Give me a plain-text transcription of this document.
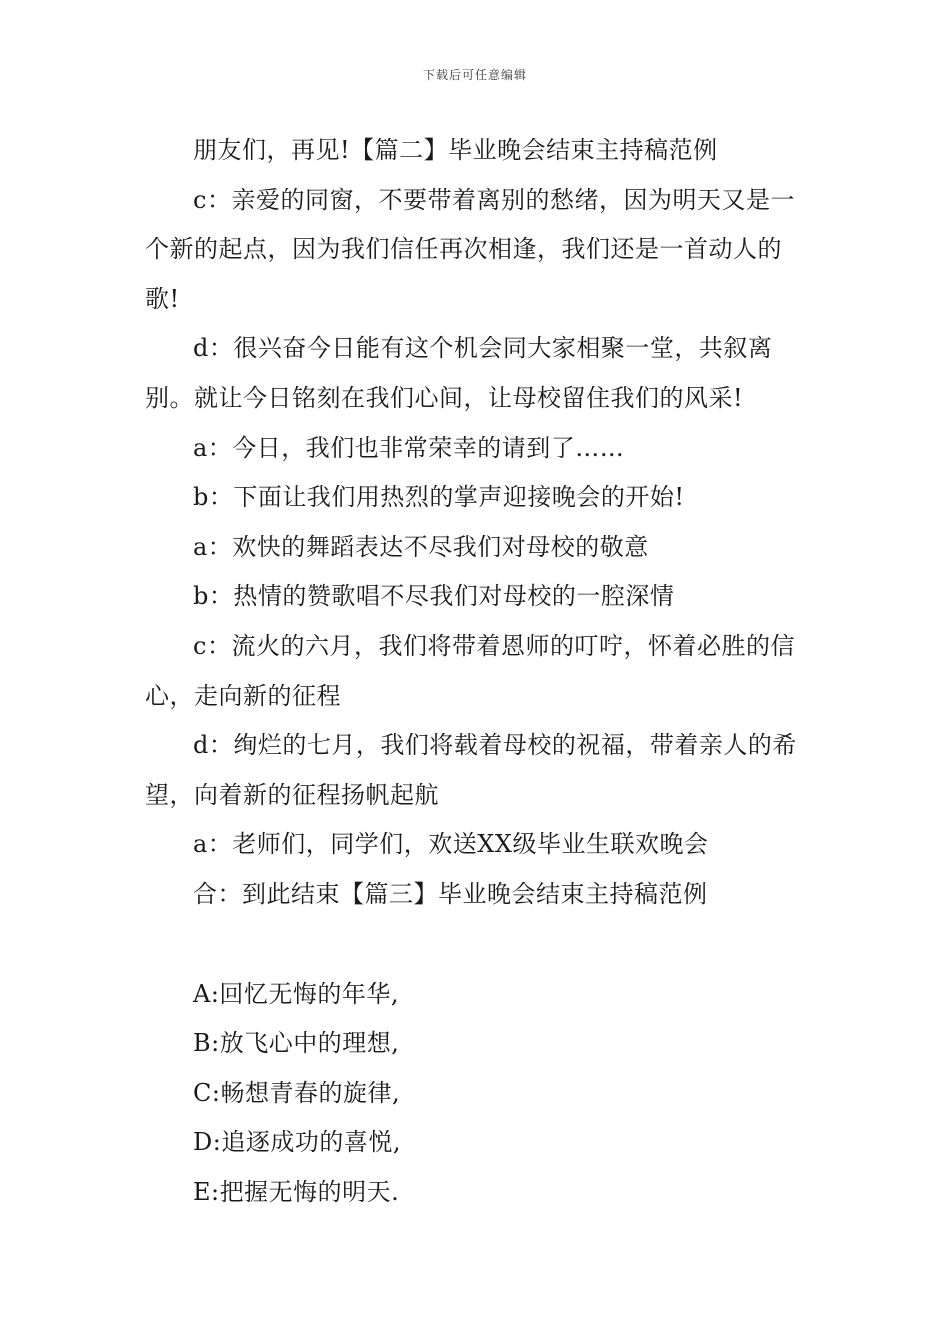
下载后可任意编辑

朋友们，再见!【篇二】毕业晚会结束主持稿范例

c：亲爱的同窗，不要带着离别的愁绪，因为明天又是一个新的起点，因为我们信任再次相逢，我们还是一首动人的歌!

d：很兴奋今日能有这个机会同大家相聚一堂，共叙离别。就让今日铭刻在我们心间，让母校留住我们的风采!

a：今日，我们也非常荣幸的请到了……

b：下面让我们用热烈的掌声迎接晚会的开始!

a：欢快的舞蹈表达不尽我们对母校的敬意

b：热情的赞歌唱不尽我们对母校的一腔深情

c：流火的六月，我们将带着恩师的叮咛，怀着必胜的信心，走向新的征程

d：绚烂的七月，我们将载着母校的祝福，带着亲人的希望，向着新的征程扬帆起航

a：老师们，同学们，欢送XX级毕业生联欢晚会

合：到此结束【篇三】毕业晚会结束主持稿范例

A:回忆无悔的年华,

B:放飞心中的理想,

C:畅想青春的旋律,

D:追逐成功的喜悦,

E:把握无悔的明天.
